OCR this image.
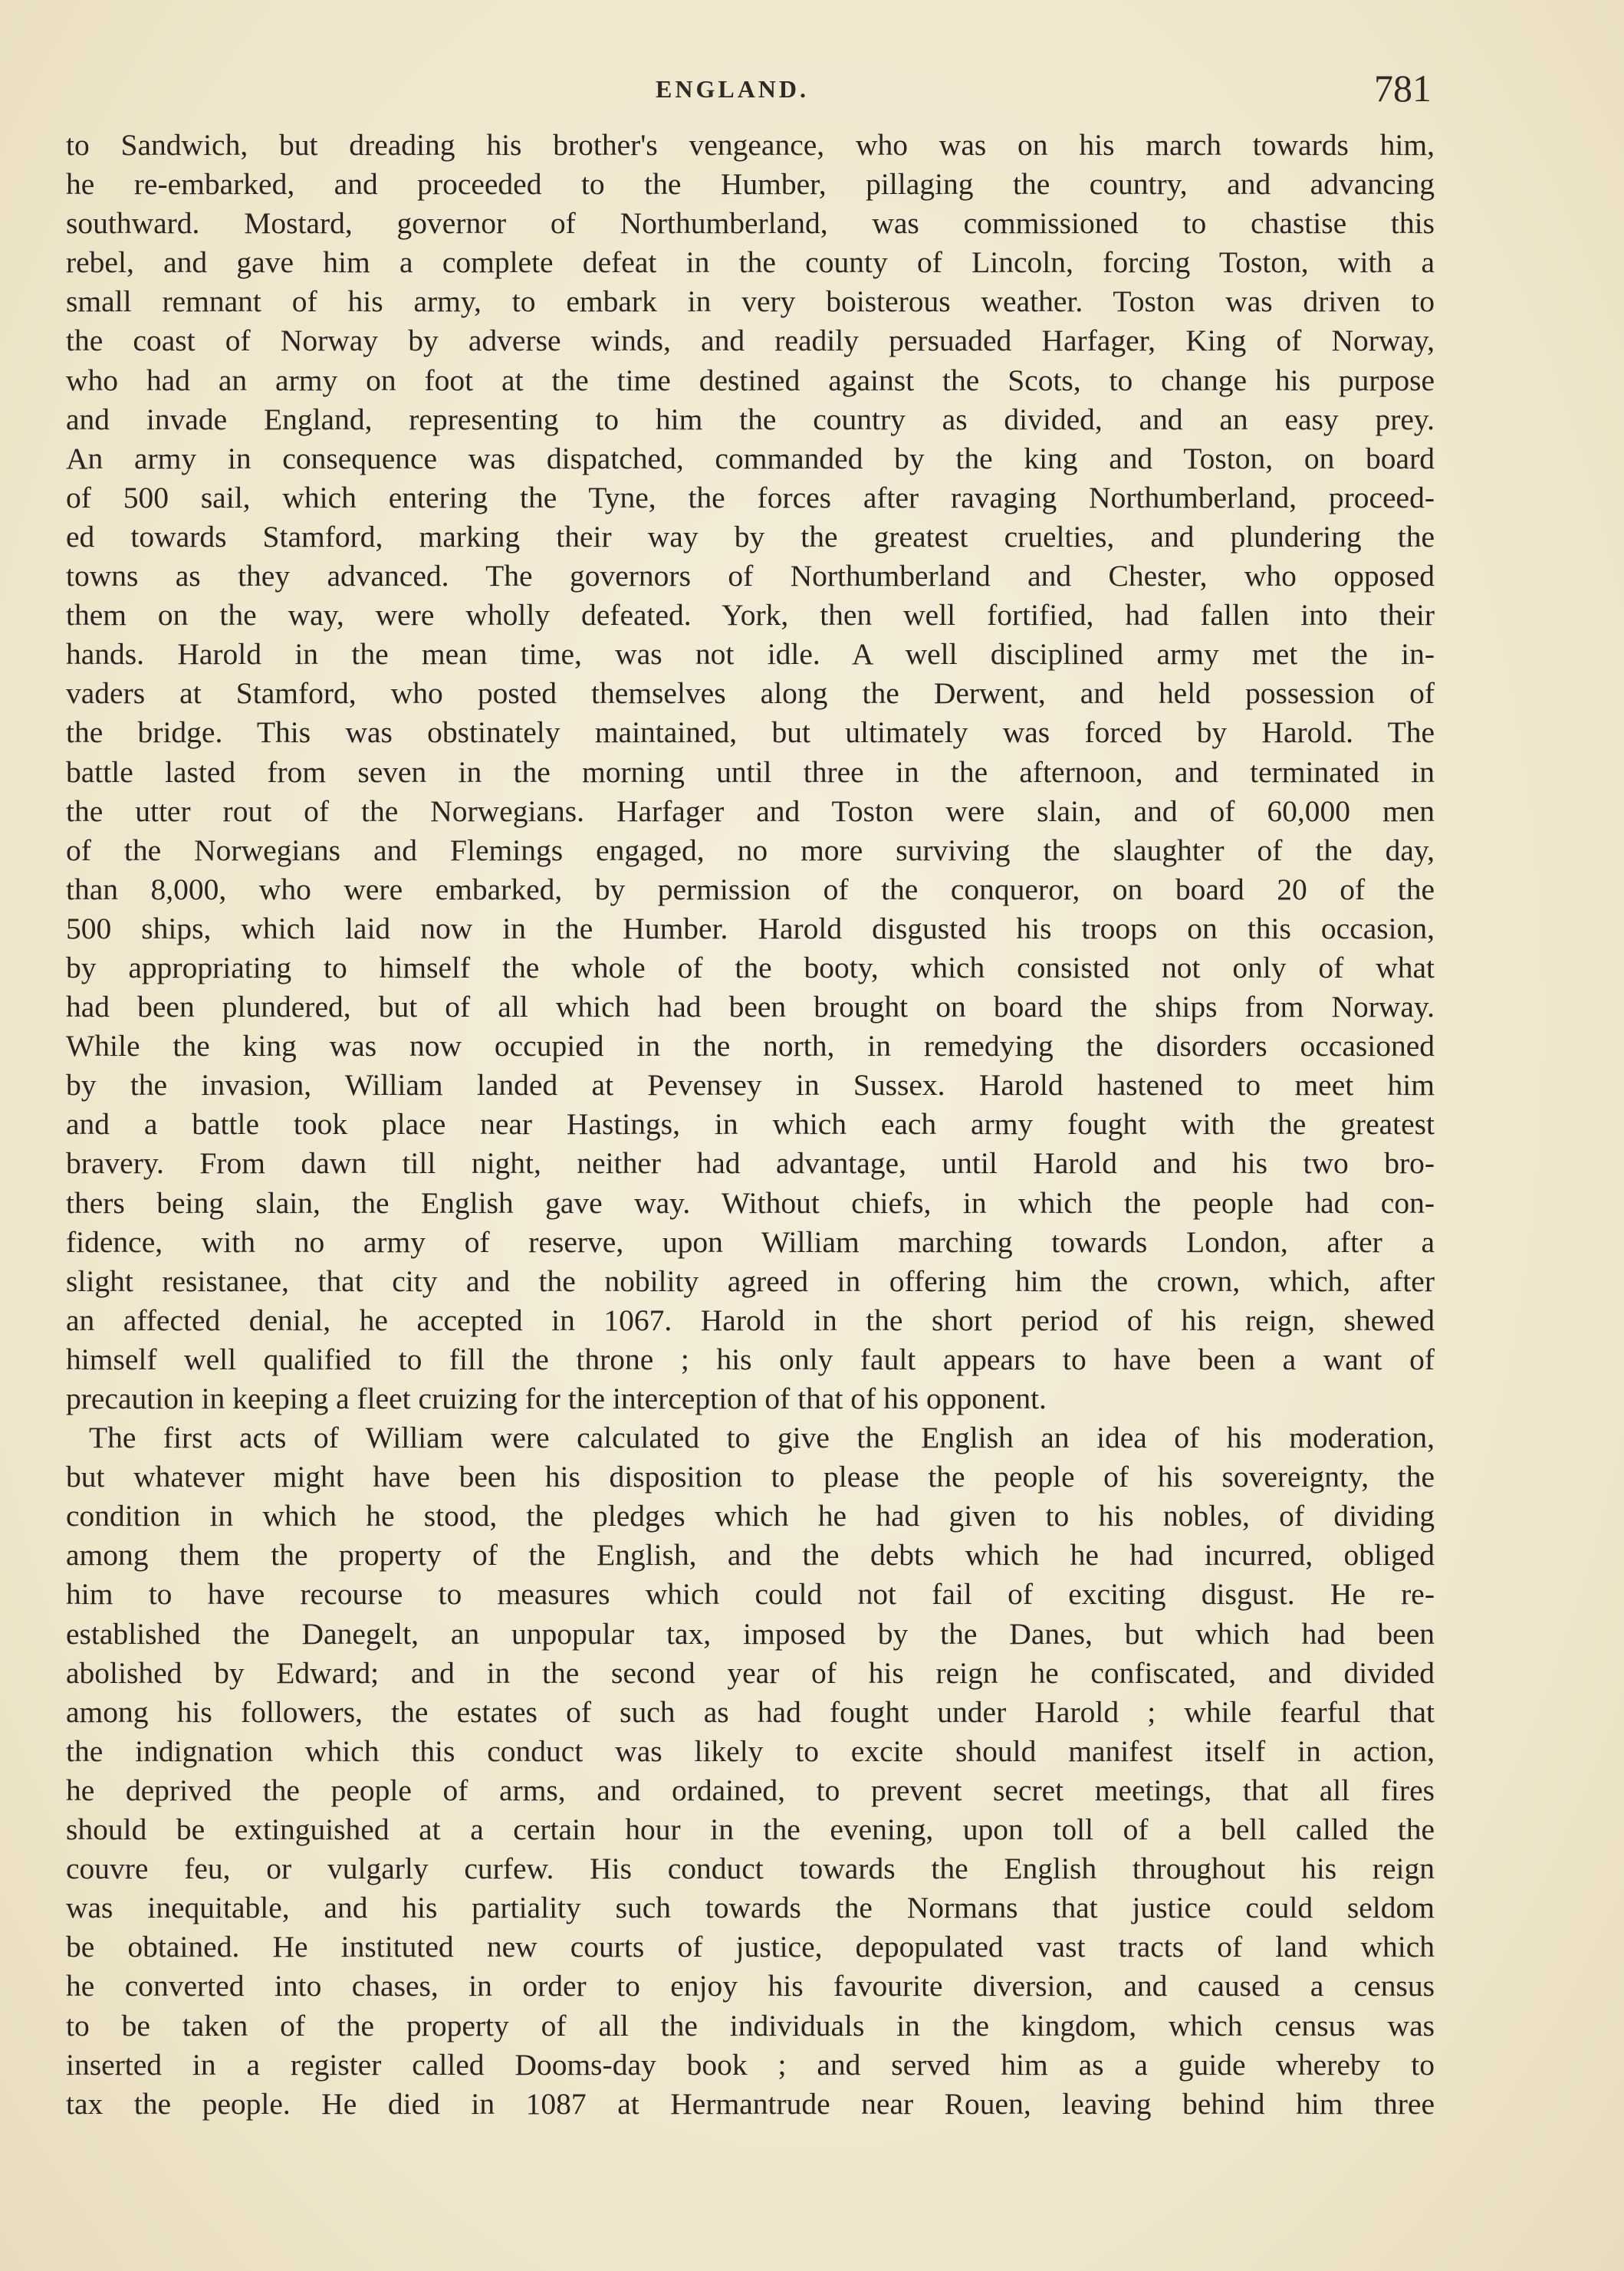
ENGLAND.	781
to Sandwich, but dreading his brother's vengeance, who was on his march towards him,
he re-embarked, and proceeded to the Humber, pillaging the country, and advancing
southward. Mostard, governor of Northumberland, was commissioned to chastise this
rebel, and gave him a complete defeat in the county of Lincoln, forcing Toston, with a
small remnant of his army, to embark in very boisterous weather. Toston was driven to
the coast of Norway by adverse winds, and readily persuaded Harfager, King of Norway,
who had an army on foot at the time destined against the Scots, to change his purpose
and invade England, representing to him the country as divided, and an easy prey.
An army in consequence was dispatched, commanded by the king and Toston, on board
of 500 sail, which entering the Tyne, the forces after ravaging Northumberland, proceed-
ed towards Stamford, marking their way by the greatest cruelties, and plundering the
towns as they advanced. The governors of Northumberland and Chester, who opposed
them on the way, were wholly defeated. York, then well fortified, had fallen into their
hands. Harold in the mean time, was not idle. A well disciplined army met the in-
vaders at Stamford, who posted themselves along the Derwent, and held possession of
the bridge. This was obstinately maintained, but ultimately was forced by Harold. The
battle lasted from seven in the morning until three in the afternoon, and terminated in
the utter rout of the Norwegians. Harfager and Toston were slain, and of 60,000 men
of the Norwegians and Flemings engaged, no more surviving the slaughter of the day,
than 8,000, who were embarked, by permission of the conqueror, on board 20 of the
500 ships, which laid now in the Humber. Harold disgusted his troops on this occasion,
by appropriating to himself the whole of the booty, which consisted not only of what
had been plundered, but of all which had been brought on board the ships from Norway.
While the king was now occupied in the north, in remedying the disorders occasioned
by the invasion, William landed at Pevensey in Sussex. Harold hastened to meet him
and a battle took place near Hastings, in which each army fought with the greatest
bravery. From dawn till night, neither had advantage, until Harold and his two bro-
thers being slain, the English gave way. Without chiefs, in which the people had con-
fidence, with no army of reserve, upon William marching towards London, after a
slight resistanee, that city and the nobility agreed in offering him the crown, which, after
an affected denial, he accepted in 1067. Harold in the short period of his reign, shewed
himself well qualified to fill the throne ; his only fault appears to have been a want of
precaution in keeping a fleet cruizing for the interception of that of his opponent.
The first acts of William were calculated to give the English an idea of his moderation,
but whatever might have been his disposition to please the people of his sovereignty, the
condition in which he stood, the pledges which he had given to his nobles, of dividing
among them the property of the English, and the debts which he had incurred, obliged
him to have recourse to measures which could not fail of exciting disgust. He re-
established the Danegelt, an unpopular tax, imposed by the Danes, but which had been
abolished by Edward; and in the second year of his reign he confiscated, and divided
among his followers, the estates of such as had fought under Harold ; while fearful that
the indignation which this conduct was likely to excite should manifest itself in action,
he deprived the people of arms, and ordained, to prevent secret meetings, that all fires
should be extinguished at a certain hour in the evening, upon toll of a bell called the
couvre feu, or vulgarly curfew. His conduct towards the English throughout his reign
was inequitable, and his partiality such towards the Normans that justice could seldom
be obtained. He instituted new courts of justice, depopulated vast tracts of land which
he converted into chases, in order to enjoy his favourite diversion, and caused a census
to be taken of the property of all the individuals in the kingdom, which census was
inserted in a register called Dooms-day book ; and served him as a guide whereby to
tax the people. He died in 1087 at Hermantrude near Rouen, leaving behind him three
